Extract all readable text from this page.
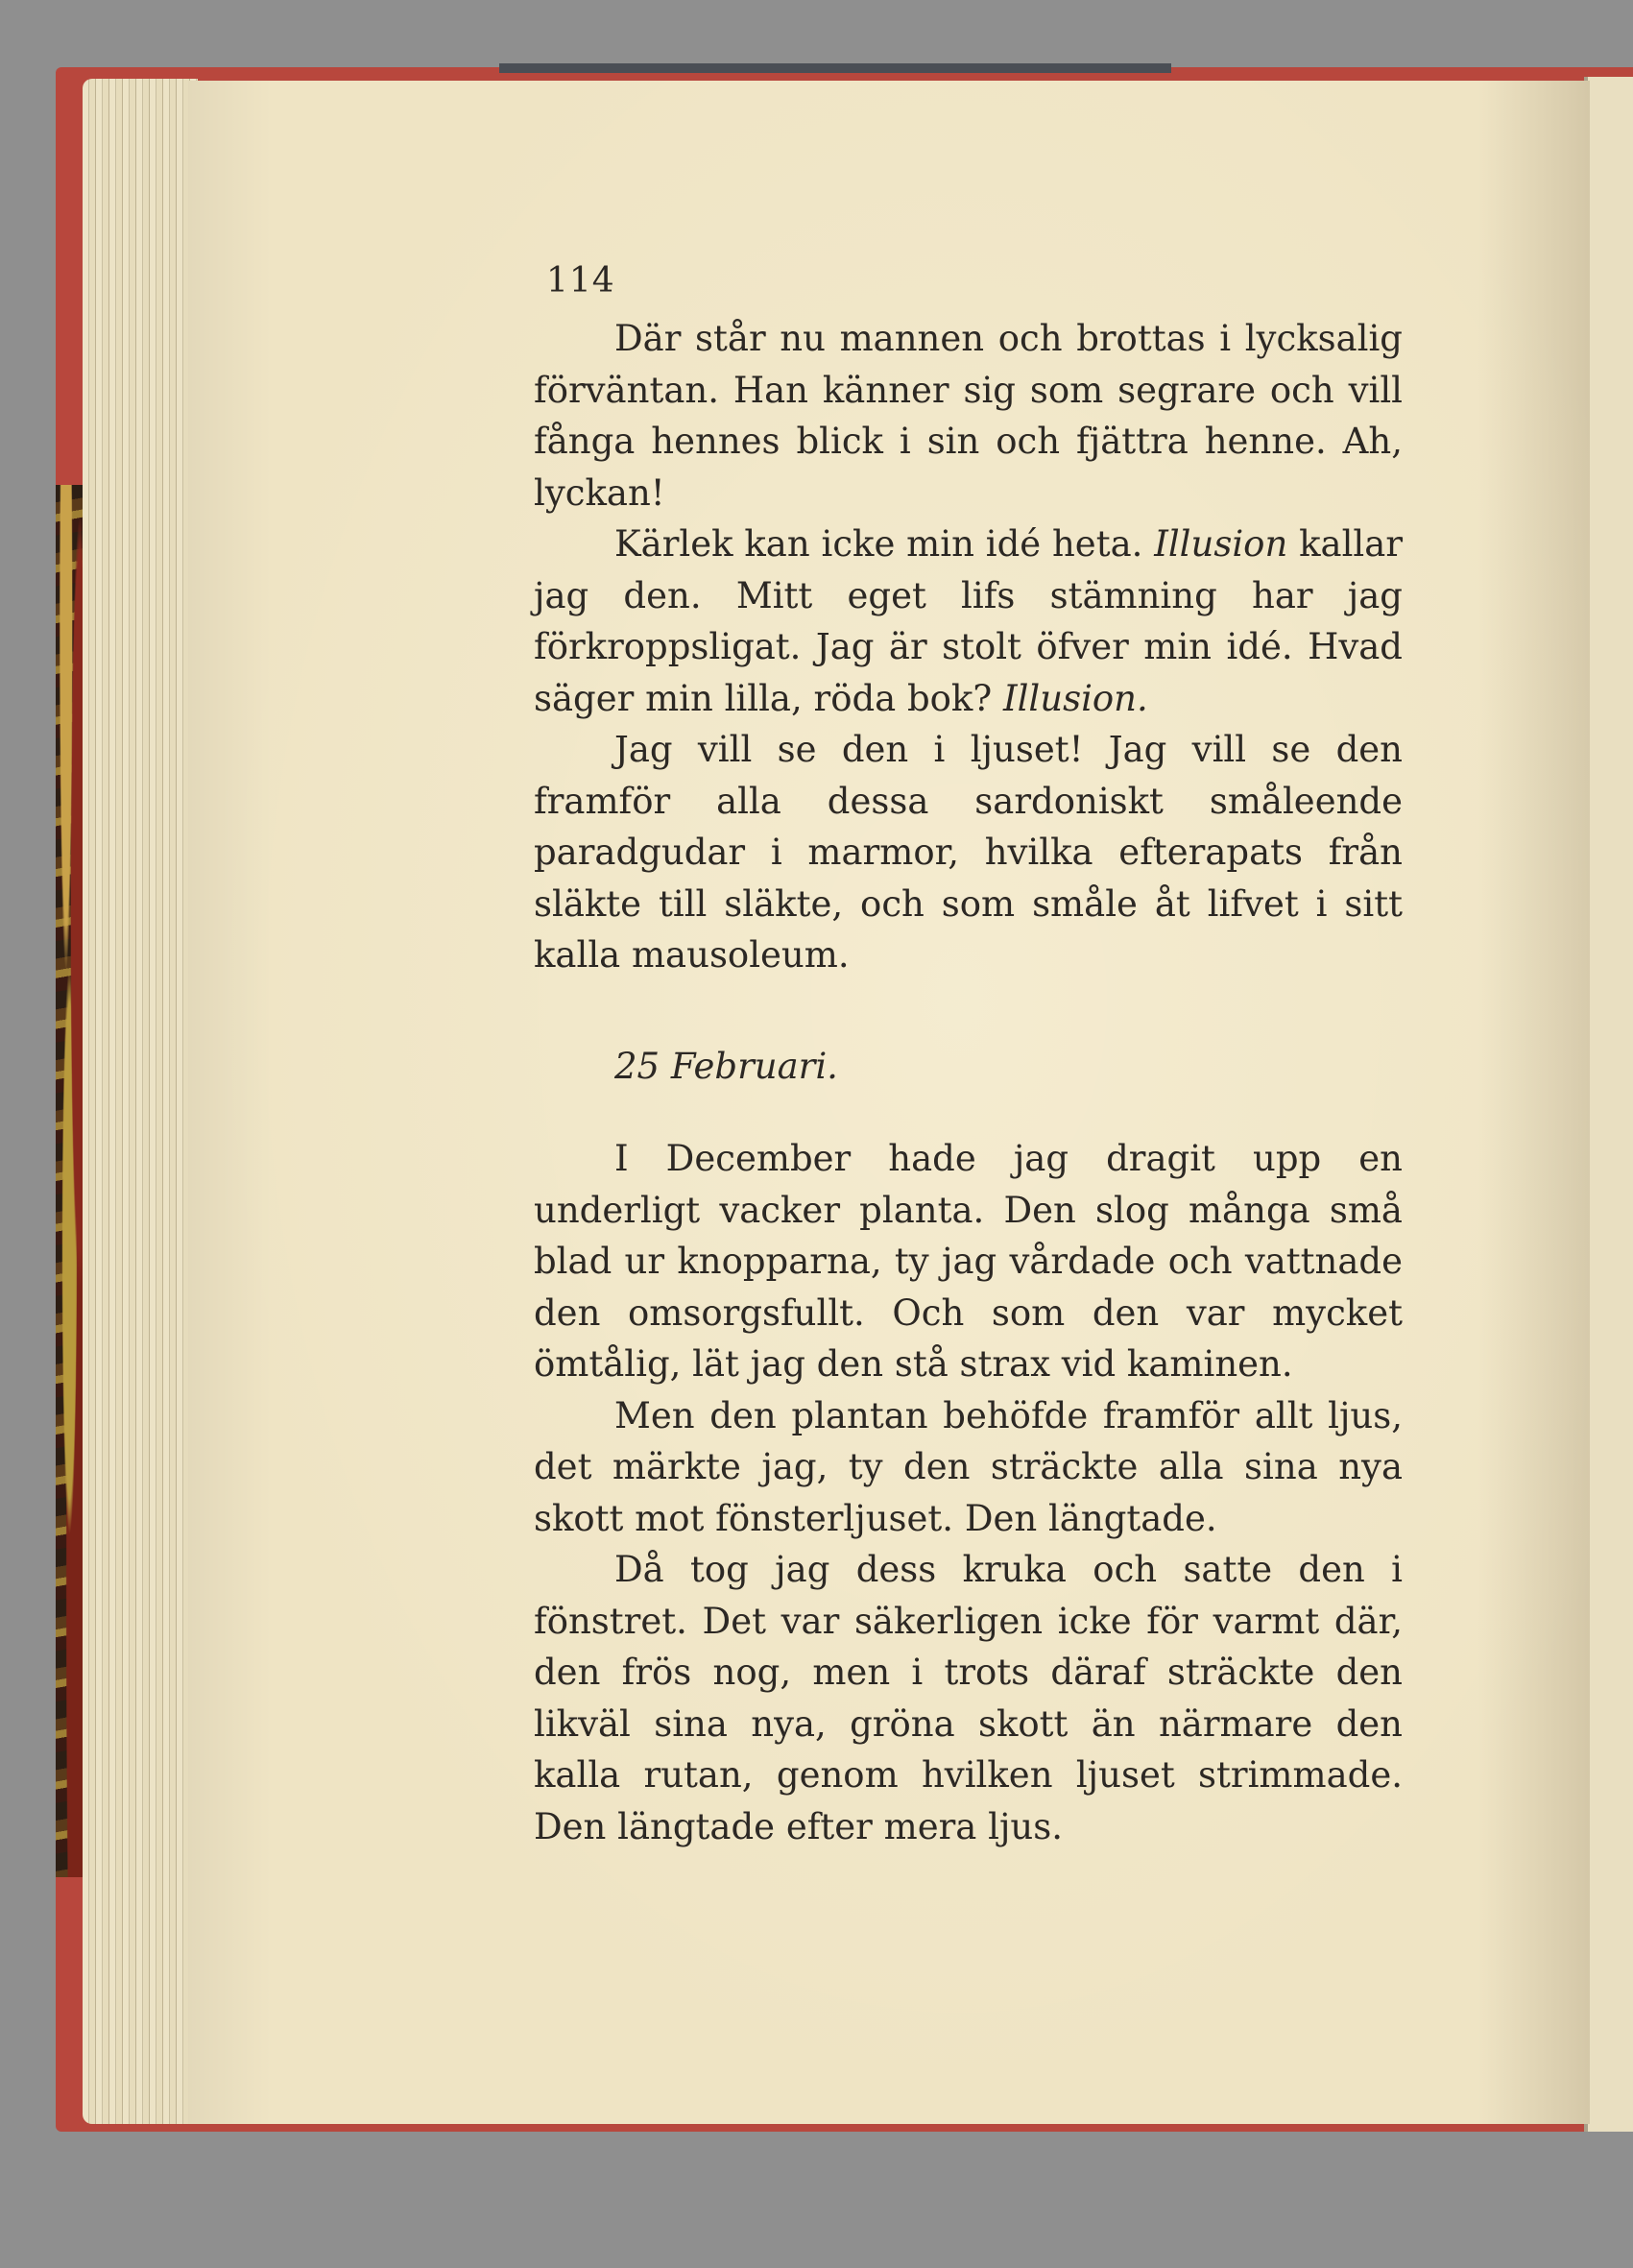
114

Där står nu mannen och brottas i lycksalig förväntan. Han känner sig som segrare och vill fånga hennes blick i sin och fjättra henne. Ah, lyckan!

Kärlek kan icke min idé heta. Illusion kallar jag den. Mitt eget lifs stämning har jag förkroppsligat. Jag är stolt öfver min idé. Hvad säger min lilla, röda bok? Illusion.

Jag vill se den i ljuset! Jag vill se den framför alla dessa sardoniskt småleende paradgudar i marmor, hvilka efterapats från släkte till släkte, och som småle åt lifvet i sitt kalla mausoleum.

25 Februari.

I December hade jag dragit upp en underligt vacker planta. Den slog många små blad ur knopparna, ty jag vårdade och vattnade den omsorgsfullt. Och som den var mycket ömtålig, lät jag den stå strax vid kaminen.

Men den plantan behöfde framför allt ljus, det märkte jag, ty den sträckte alla sina nya skott mot fönsterljuset. Den längtade.

Då tog jag dess kruka och satte den i fönstret. Det var säkerligen icke för varmt där, den frös nog, men i trots däraf sträckte den likväl sina nya, gröna skott än närmare den kalla rutan, genom hvilken ljuset strimmade. Den längtade efter mera ljus.
